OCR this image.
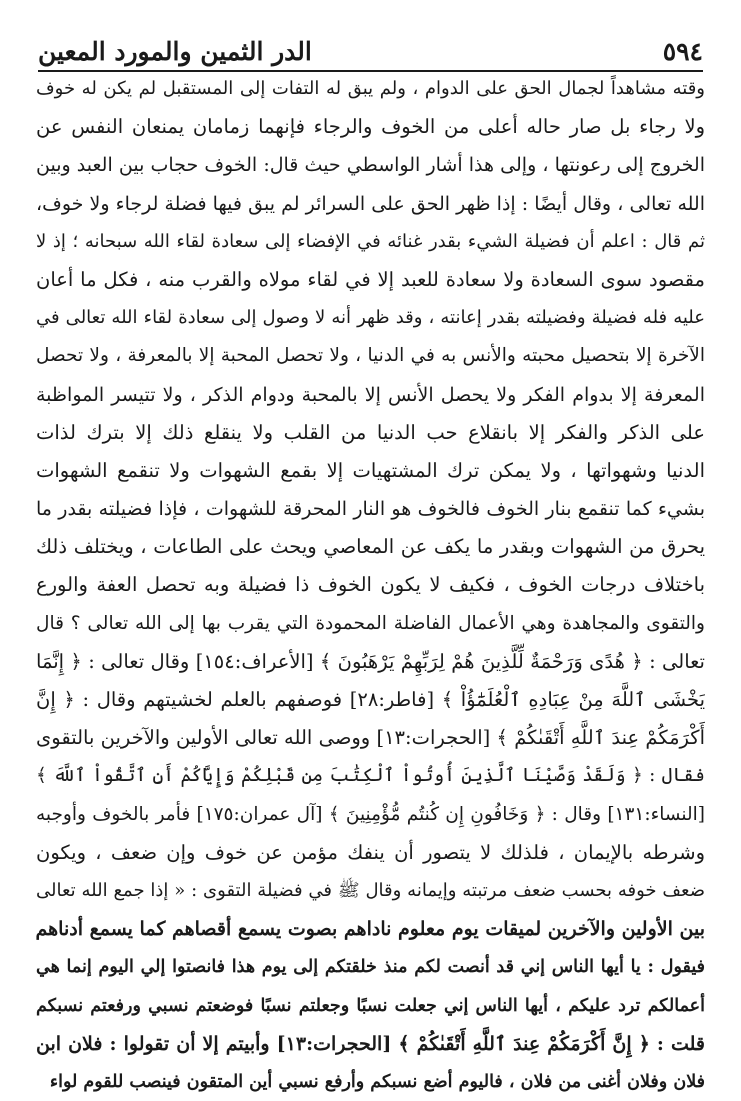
٥٩٤
الدر الثمين والمورد المعين
وقته مشاهداً لجمال الحق على الدوام ، ولم يبق له التفات إلى المستقبل لم يكن له خوف
ولا رجاء بل صار حاله أعلى من الخوف والرجاء فإنهما زمامان يمنعان النفس عن
الخروج إلى رعونتها ، وإلى هذا أشار الواسطي حيث قال: الخوف حجاب بين العبد وبين
الله تعالى ، وقال أيضًا : إذا ظهر الحق على السرائر لم يبق فيها فضلة لرجاء ولا خوف،
ثم قال : اعلم أن فضيلة الشيء بقدر غنائه في الإفضاء إلى سعادة لقاء الله سبحانه ؛ إذ لا
مقصود سوى السعادة ولا سعادة للعبد إلا في لقاء مولاه والقرب منه ، فكل ما أعان
عليه فله فضيلة وفضيلته بقدر إعانته ، وقد ظهر أنه لا وصول إلى سعادة لقاء الله تعالى في
الآخرة إلا بتحصيل محبته والأنس به في الدنيا ، ولا تحصل المحبة إلا بالمعرفة ، ولا تحصل
المعرفة إلا بدوام الفكر ولا يحصل الأنس إلا بالمحبة ودوام الذكر ، ولا تتيسر المواظبة
على الذكر والفكر إلا بانقلاع حب الدنيا من القلب ولا ينقلع ذلك إلا بترك لذات
الدنيا وشهواتها ، ولا يمكن ترك المشتهيات إلا بقمع الشهوات ولا تنقمع الشهوات
بشيء كما تنقمع بنار الخوف فالخوف هو النار المحرقة للشهوات ، فإذا فضيلته بقدر ما
يحرق من الشهوات وبقدر ما يكف عن المعاصي ويحث على الطاعات ، ويختلف ذلك
باختلاف درجات الخوف ، فكيف لا يكون الخوف ذا فضيلة وبه تحصل العفة والورع
والتقوى والمجاهدة وهي الأعمال الفاضلة المحمودة التي يقرب بها إلى الله تعالى ؟ قال
تعالى : ﴿ هُدًى وَرَحْمَةٌ لِّلَّذِينَ هُمْ لِرَبِّهِمْ يَرْهَبُونَ ﴾ [الأعراف:١٥٤] وقال تعالى : ﴿ إِنَّمَا
يَخْشَى ٱللَّهَ مِنْ عِبَادِهِ ٱلْعُلَمَٰٓؤُاْ ﴾ [فاطر:٢٨] فوصفهم بالعلم لخشيتهم وقال : ﴿ إِنَّ
أَكْرَمَكُمْ عِندَ ٱللَّهِ أَتْقَىٰكُمْ ﴾ [الحجرات:١٣] ووصى الله تعالى الأولين والآخرين بالتقوى
فقال : ﴿ وَلَقَدْ وَصَّيْنَا ٱلَّذِينَ أُوتُواْ ٱلْكِتَٰبَ مِن قَبْلِكُمْ وَإِيَّاكُمْ أَنِ ٱتَّقُواْ ٱللَّهَ ﴾
[النساء:١٣١] وقال : ﴿ وَخَافُونِ إِن كُنتُم مُّؤْمِنِينَ ﴾ [آل عمران:١٧٥] فأمر بالخوف وأوجبه
وشرطه بالإيمان ، فلذلك لا يتصور أن ينفك مؤمن عن خوف وإن ضعف ، ويكون
ضعف خوفه بحسب ضعف مرتبته وإيمانه وقال ﷺ في فضيلة التقوى : « إذا جمع الله تعالى
بين الأولين والآخرين لميقات يوم معلوم ناداهم بصوت يسمع أقصاهم كما يسمع أدناهم
فيقول : يا أيها الناس إني قد أنصت لكم منذ خلقتكم إلى يوم هذا فانصتوا إلي اليوم إنما هي
أعمالكم ترد عليكم ، أيها الناس إني جعلت نسبًا وجعلتم نسبًا فوضعتم نسبي ورفعتم نسبكم
قلت : ﴿ إِنَّ أَكْرَمَكُمْ عِندَ ٱللَّهِ أَتْقَىٰكُمْ ﴾ [الحجرات:١٣] وأبيتم إلا أن تقولوا : فلان ابن
فلان وفلان أغنى من فلان ، فاليوم أضع نسبكم وأرفع نسبي أين المتقون فينصب للقوم لواء
